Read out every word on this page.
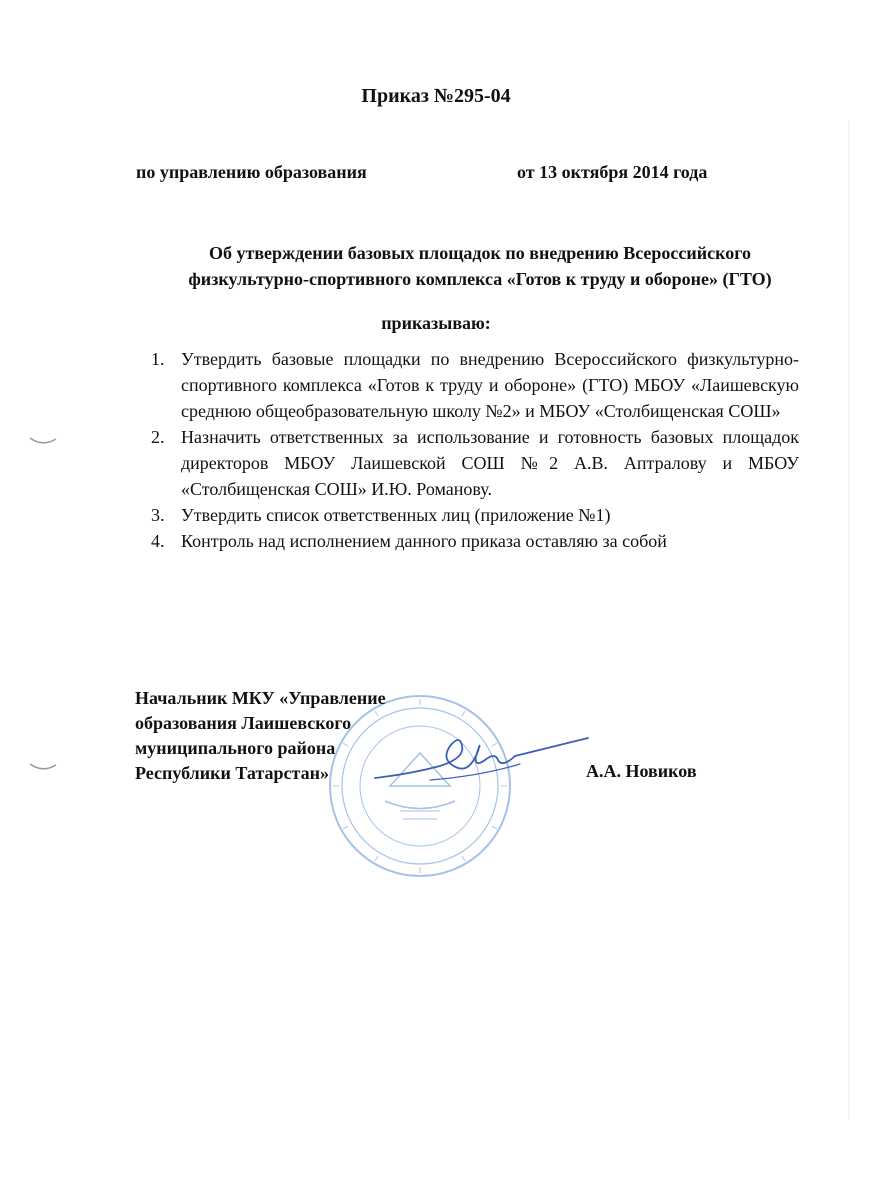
Приказ №295-04
по управлению образования	от 13 октября 2014 года
Об утверждении базовых площадок по внедрению Всероссийского
физкультурно-спортивного комплекса «Готов к труду и обороне» (ГТО)
приказываю:
1. Утвердить базовые площадки по внедрению Всероссийского физкультурно-спортивного комплекса «Готов к труду и обороне» (ГТО) МБОУ «Лаишевскую среднюю общеобразовательную школу №2» и МБОУ «Столбищенская СОШ»
2. Назначить ответственных за использование и готовность базовых площадок директоров МБОУ Лаишевской СОШ №2 А.В. Аптралову и МБОУ «Столбищенская СОШ» И.Ю. Романову.
3. Утвердить список ответственных лиц (приложение №1)
4. Контроль над исполнением данного приказа оставляю за собой
Начальник МКУ «Управление
образования Лаишевского
муниципального района
Республики Татарстан»	А.А. Новиков
